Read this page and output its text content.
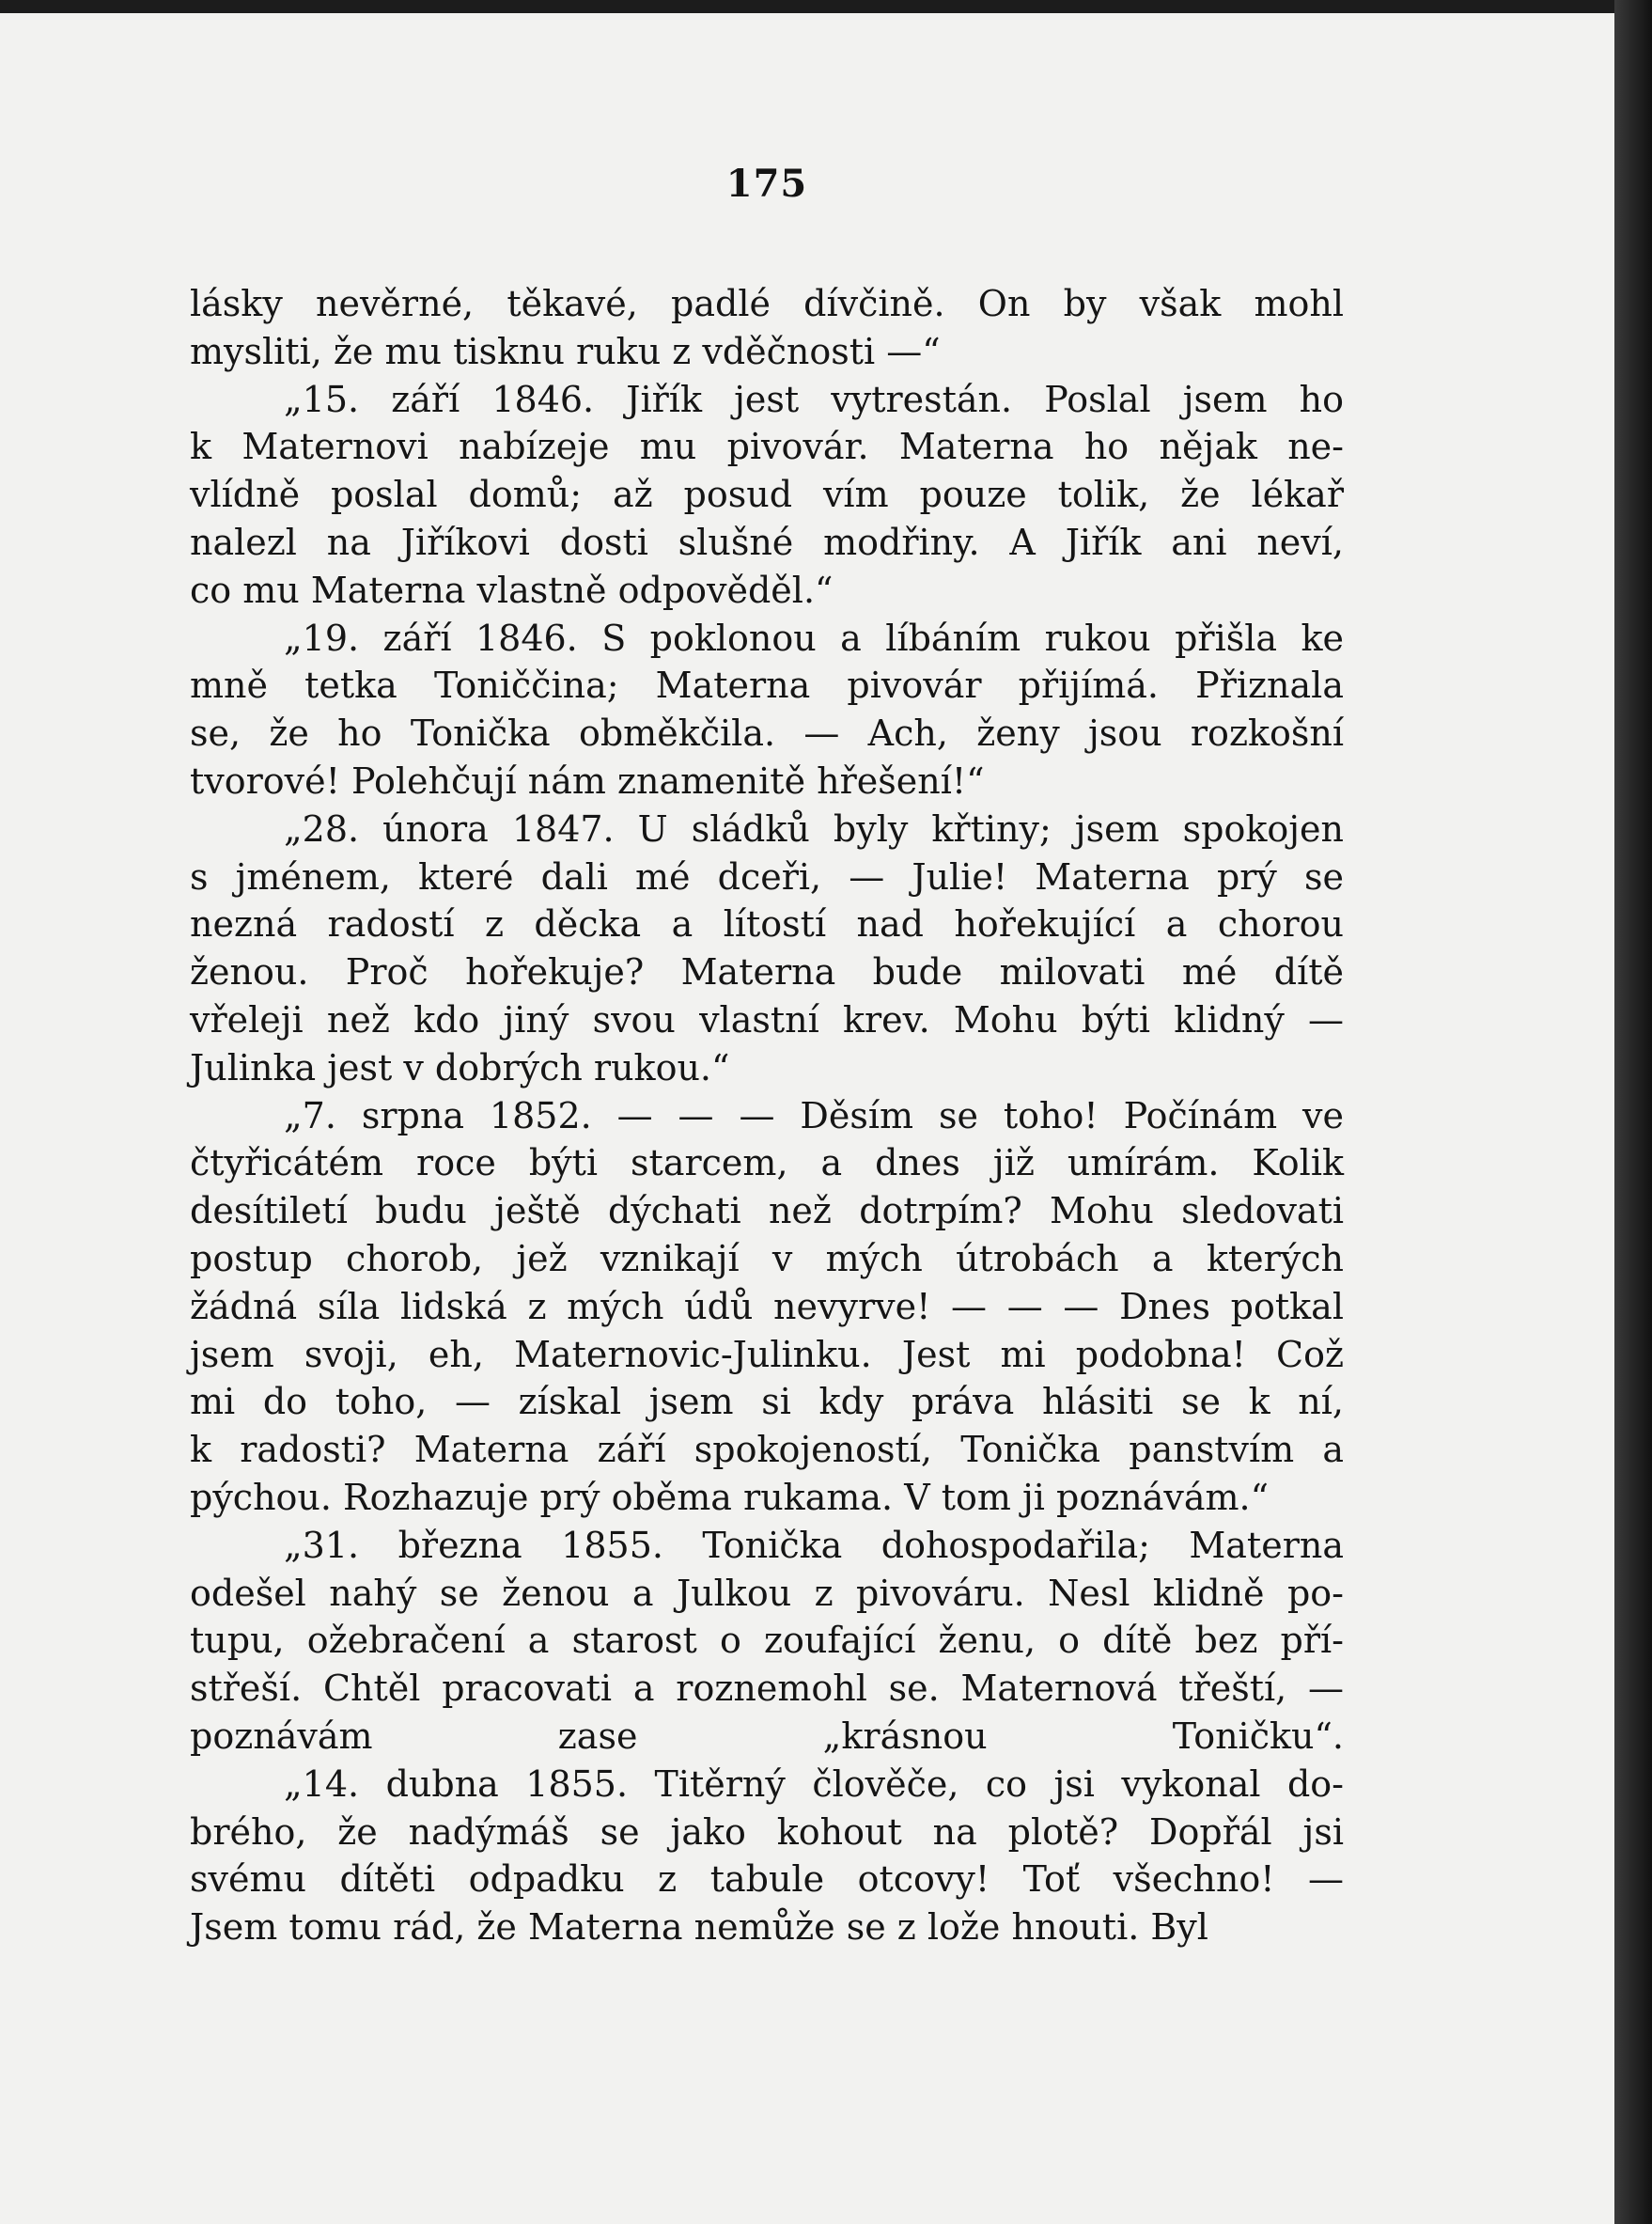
175
lásky nevěrné, těkavé, padlé dívčině. On by však mohl
mysliti, že mu tisknu ruku z vděčnosti —“
„15. září 1846. Jiřík jest vytrestán. Poslal jsem ho
k Maternovi nabízeje mu pivovár. Materna ho nějak ne-
vlídně poslal domů; až posud vím pouze tolik, že lékař
nalezl na Jiříkovi dosti slušné modřiny. A Jiřík ani neví,
co mu Materna vlastně odpověděl.“
„19. září 1846. S poklonou a líbáním rukou přišla ke
mně tetka Toniččina; Materna pivovár přijímá. Přiznala
se, že ho Tonička obměkčila. — Ach, ženy jsou rozkošní
tvorové! Polehčují nám znamenitě hřešení!“
„28. února 1847. U sládků byly křtiny; jsem spokojen
s jménem, které dali mé dceři, — Julie! Materna prý se
nezná radostí z děcka a lítostí nad hořekující a chorou
ženou. Proč hořekuje? Materna bude milovati mé dítě
vřeleji než kdo jiný svou vlastní krev. Mohu býti klidný —
Julinka jest v dobrých rukou.“
„7. srpna 1852. — — — Děsím se toho! Počínám ve
čtyřicátém roce býti starcem, a dnes již umírám. Kolik
desítiletí budu ještě dýchati než dotrpím? Mohu sledovati
postup chorob, jež vznikají v mých útrobách a kterých
žádná síla lidská z mých údů nevyrve! — — — Dnes potkal
jsem svoji, eh, Maternovic-Julinku. Jest mi podobna! Což
mi do toho, — získal jsem si kdy práva hlásiti se k ní,
k radosti? Materna září spokojeností, Tonička panstvím a
pýchou. Rozhazuje prý oběma rukama. V tom ji poznávám.“
„31. března 1855. Tonička dohospodařila; Materna
odešel nahý se ženou a Julkou z pivováru. Nesl klidně po-
tupu, ožebračení a starost o zoufající ženu, o dítě bez pří-
střeší. Chtěl pracovati a roznemohl se. Maternová třeští, —
poznávám zase „krásnou Toničku“.
„14. dubna 1855. Titěrný člověče, co jsi vykonal do-
brého, že nadýmáš se jako kohout na plotě? Dopřál jsi
svému dítěti odpadku z tabule otcovy! Toť všechno! —
Jsem tomu rád, že Materna nemůže se z lože hnouti. Byl
